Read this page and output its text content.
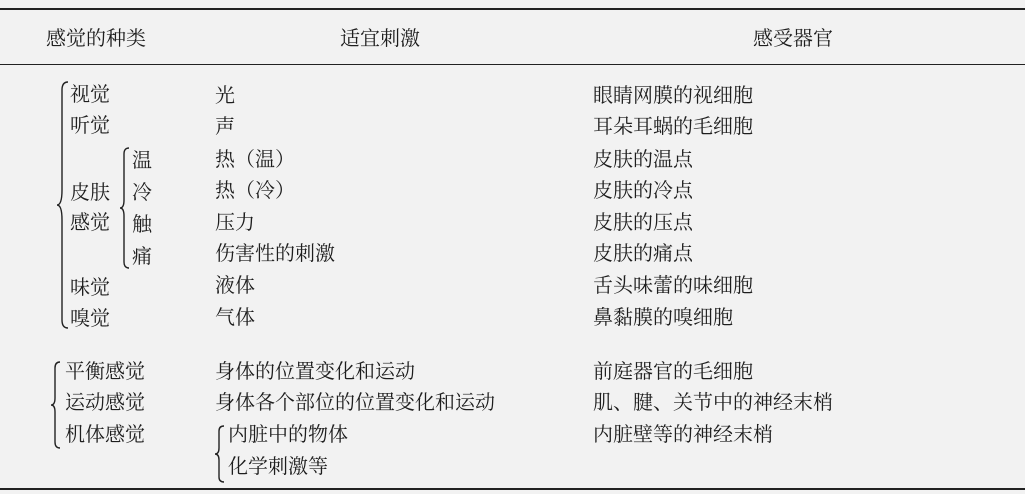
感觉的种类	适宜刺激	感受器官
视觉	光	眼睛网膜的视细胞
听觉	声	耳朵耳蜗的毛细胞
皮肤
感觉
温	热（温）	皮肤的温点
冷	热（冷）	皮肤的冷点
触	压力	皮肤的压点
痛	伤害性的刺激	皮肤的痛点
味觉	液体	舌头味蕾的味细胞
嗅觉	气体	鼻黏膜的嗅细胞
平衡感觉	身体的位置变化和运动	前庭器官的毛细胞
运动感觉	身体各个部位的位置变化和运动	肌、腱、关节中的神经末梢
机体感觉	内脏中的物体	内脏壁等的神经末梢
化学刺激等
